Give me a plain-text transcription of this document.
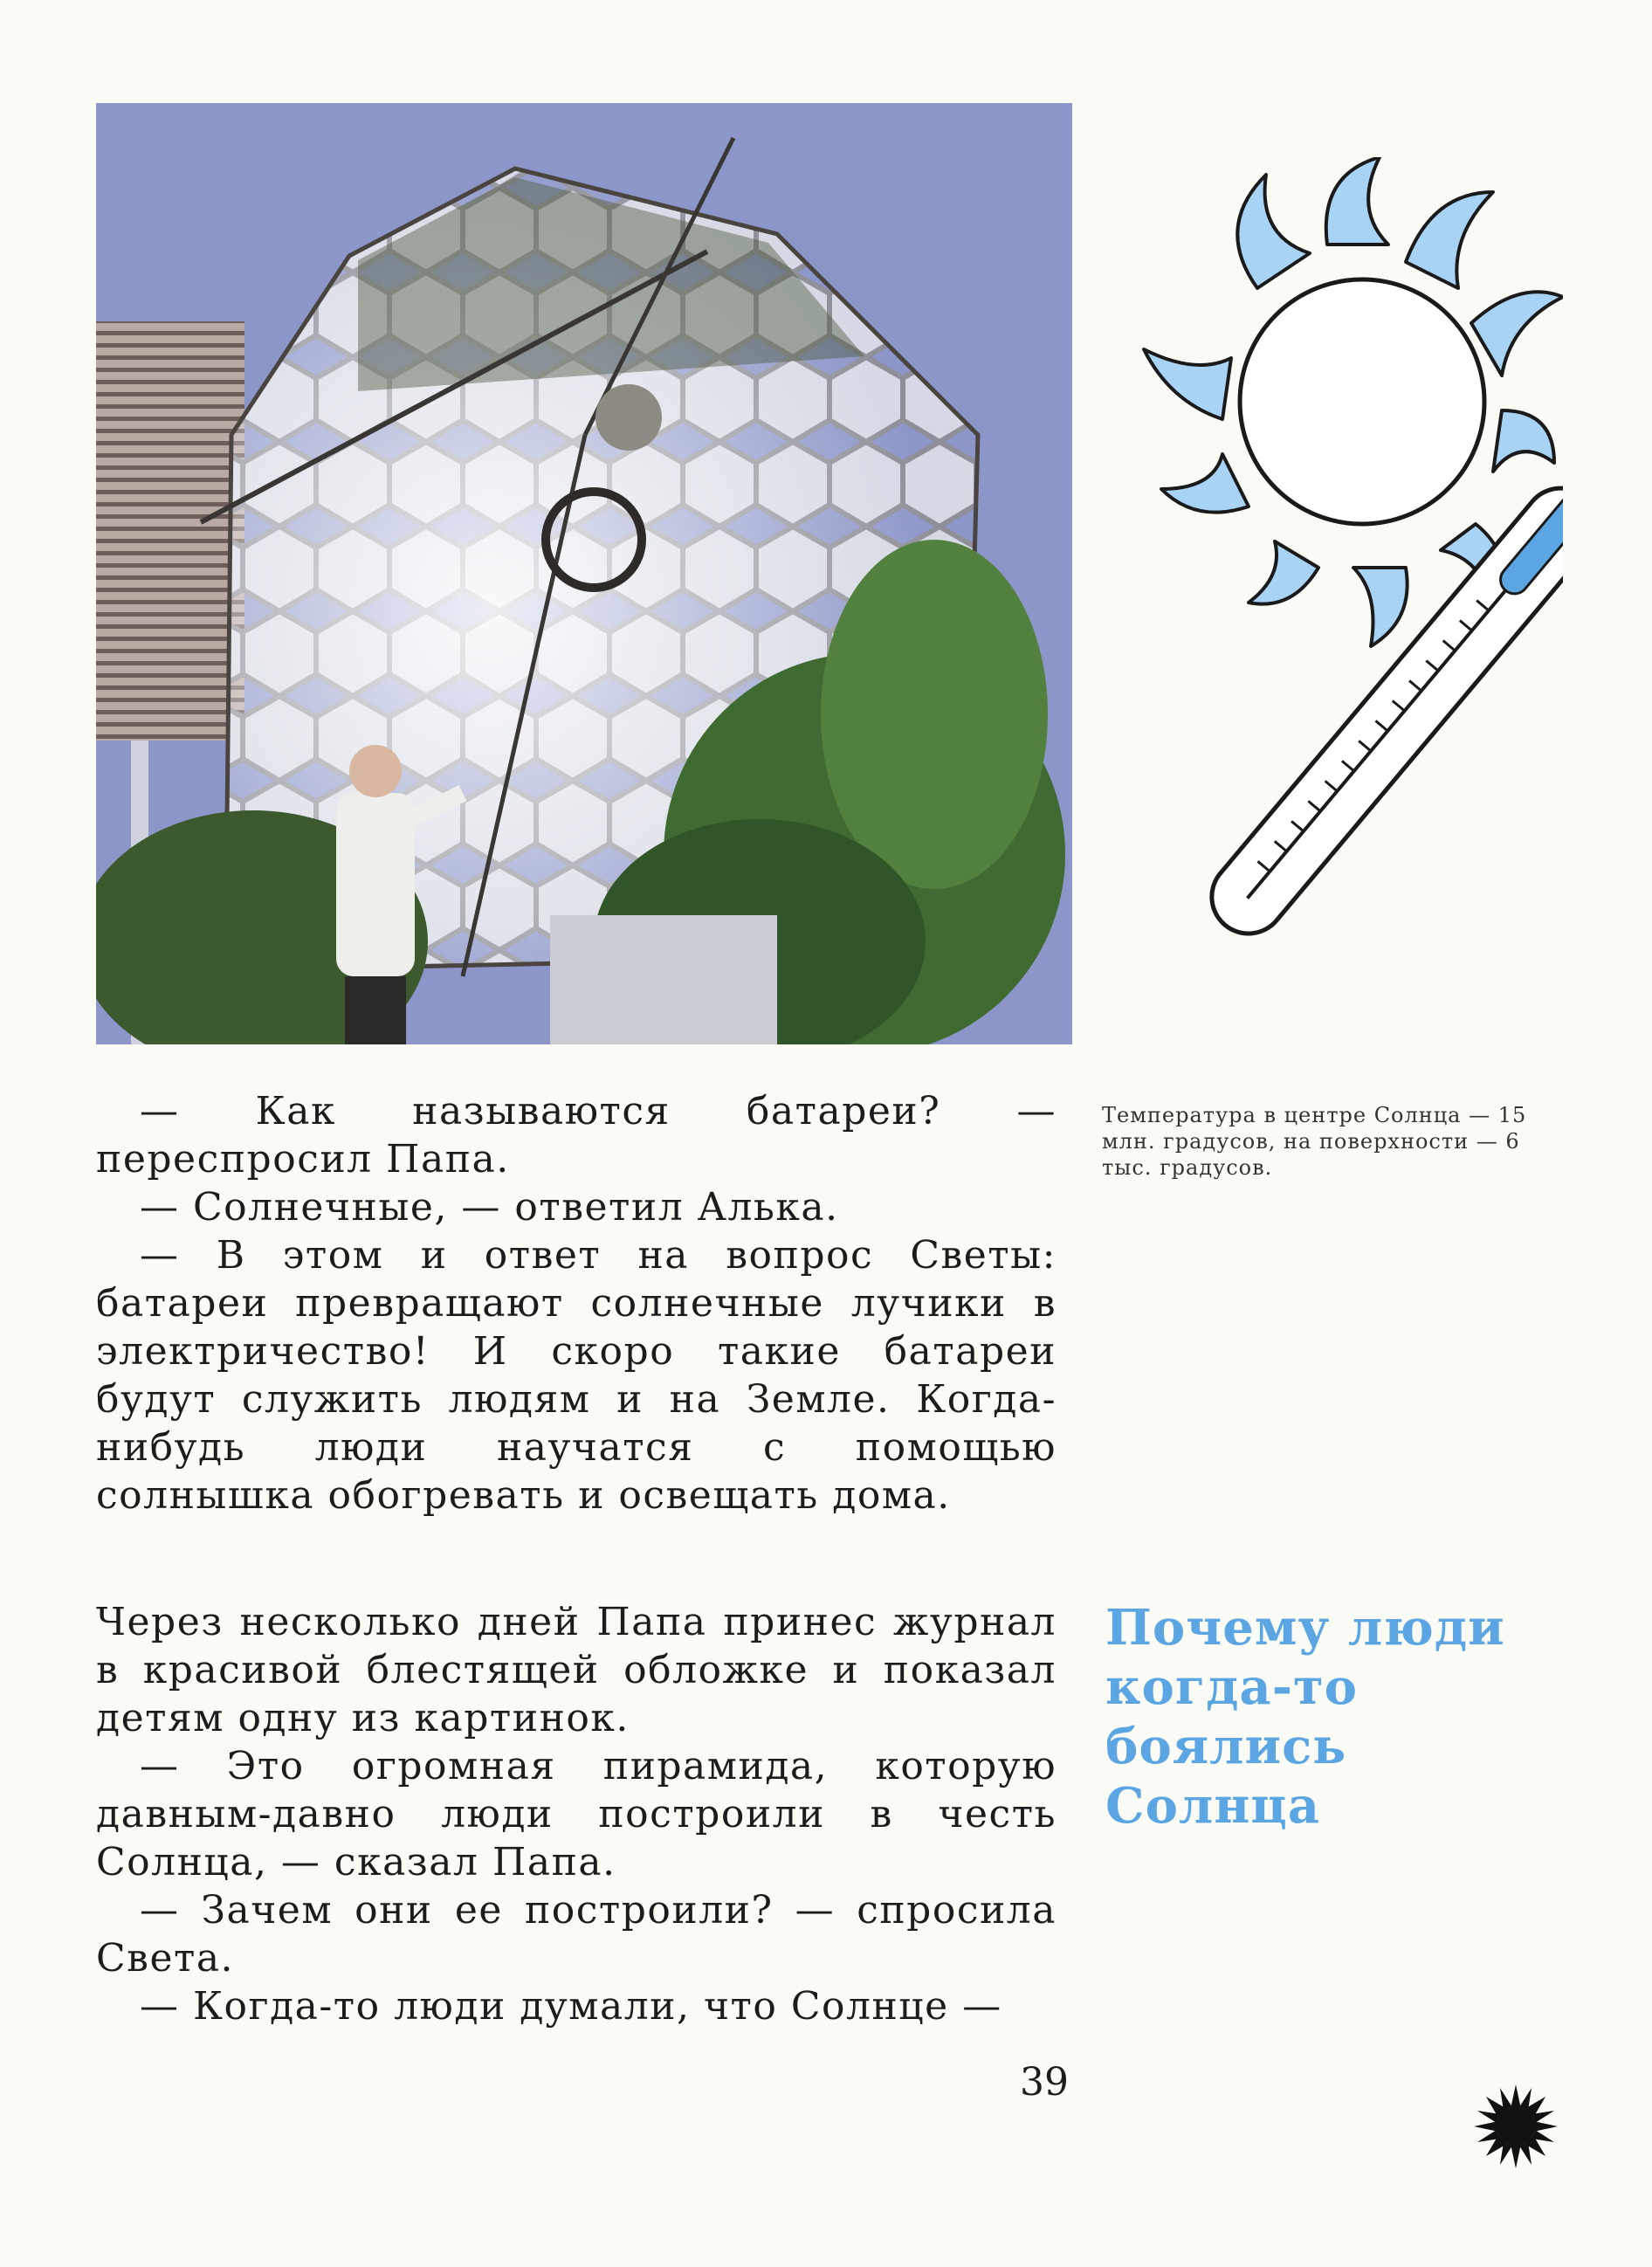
Температура в центре Солнца — 15 млн. градусов, на поверхности — 6 тыс. градусов.

— Как называются батареи? — переспросил Папа.

— Солнечные, — ответил Алька.

— В этом и ответ на вопрос Светы: батареи превращают солнечные лучики в электричество! И скоро такие батареи будут служить людям и на Земле. Когда-нибудь люди научатся с помощью солнышка обогревать и освещать дома.

Почему люди когда-то боялись Солнца

Через несколько дней Папа принес журнал в красивой блестящей обложке и показал детям одну из картинок.

— Это огромная пирамида, которую давным-давно люди построили в честь Солнца, — сказал Папа.

— Зачем они ее построили? — спросила Света.

— Когда-то люди думали, что Солнце —

39
